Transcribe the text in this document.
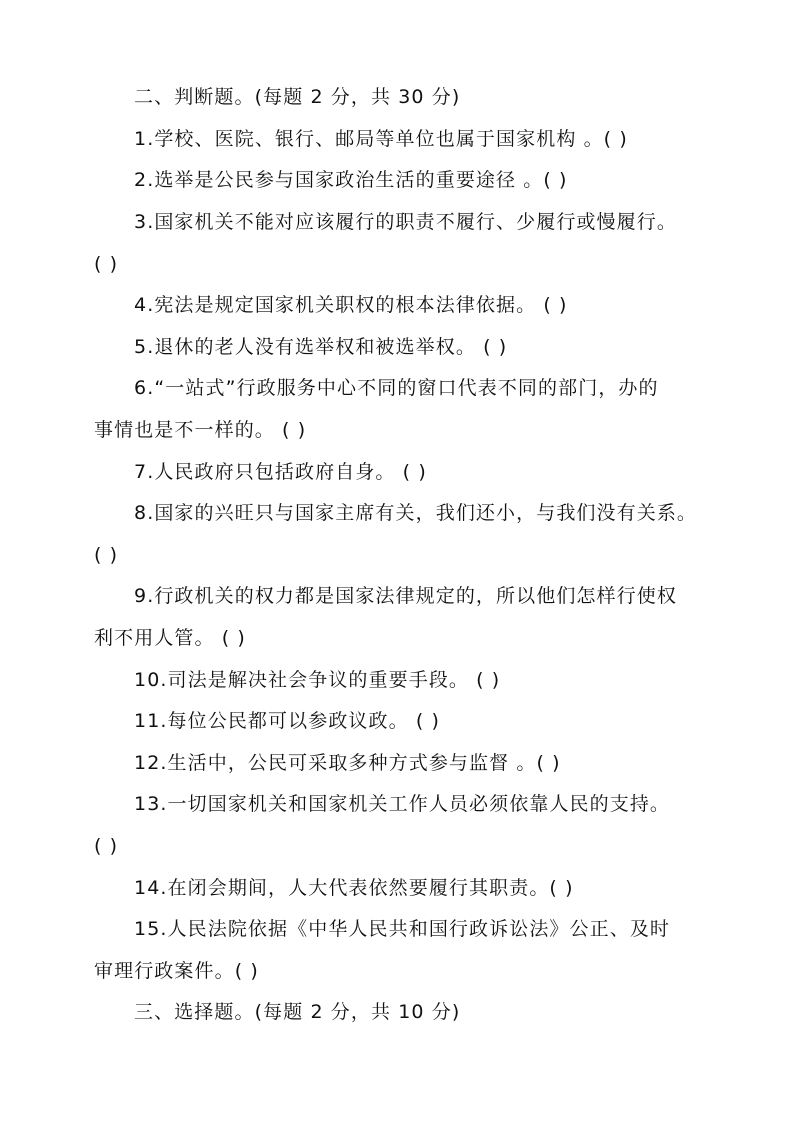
二、判断题。(每题 2 分，共 30 分)
1.学校、医院、银行、邮局等单位也属于国家机构 。( )
2.选举是公民参与国家政治生活的重要途径 。( )
3.国家机关不能对应该履行的职责不履行、少履行或慢履行。
( )
4.宪法是规定国家机关职权的根本法律依据。 ( )
5.退休的老人没有选举权和被选举权。 ( )
6.“一站式”行政服务中心不同的窗口代表不同的部门，办的
事情也是不一样的。 ( )
7.人民政府只包括政府自身。 ( )
8.国家的兴旺只与国家主席有关，我们还小，与我们没有关系。
( )
9.行政机关的权力都是国家法律规定的，所以他们怎样行使权
利不用人管。 ( )
10.司法是解决社会争议的重要手段。 ( )
11.每位公民都可以参政议政。 ( )
12.生活中，公民可采取多种方式参与监督 。( )
13.一切国家机关和国家机关工作人员必须依靠人民的支持。
( )
14.在闭会期间，人大代表依然要履行其职责。( )
15.人民法院依据《中华人民共和国行政诉讼法》公正、及时
审理行政案件。( )
三、选择题。(每题 2 分，共 10 分)
